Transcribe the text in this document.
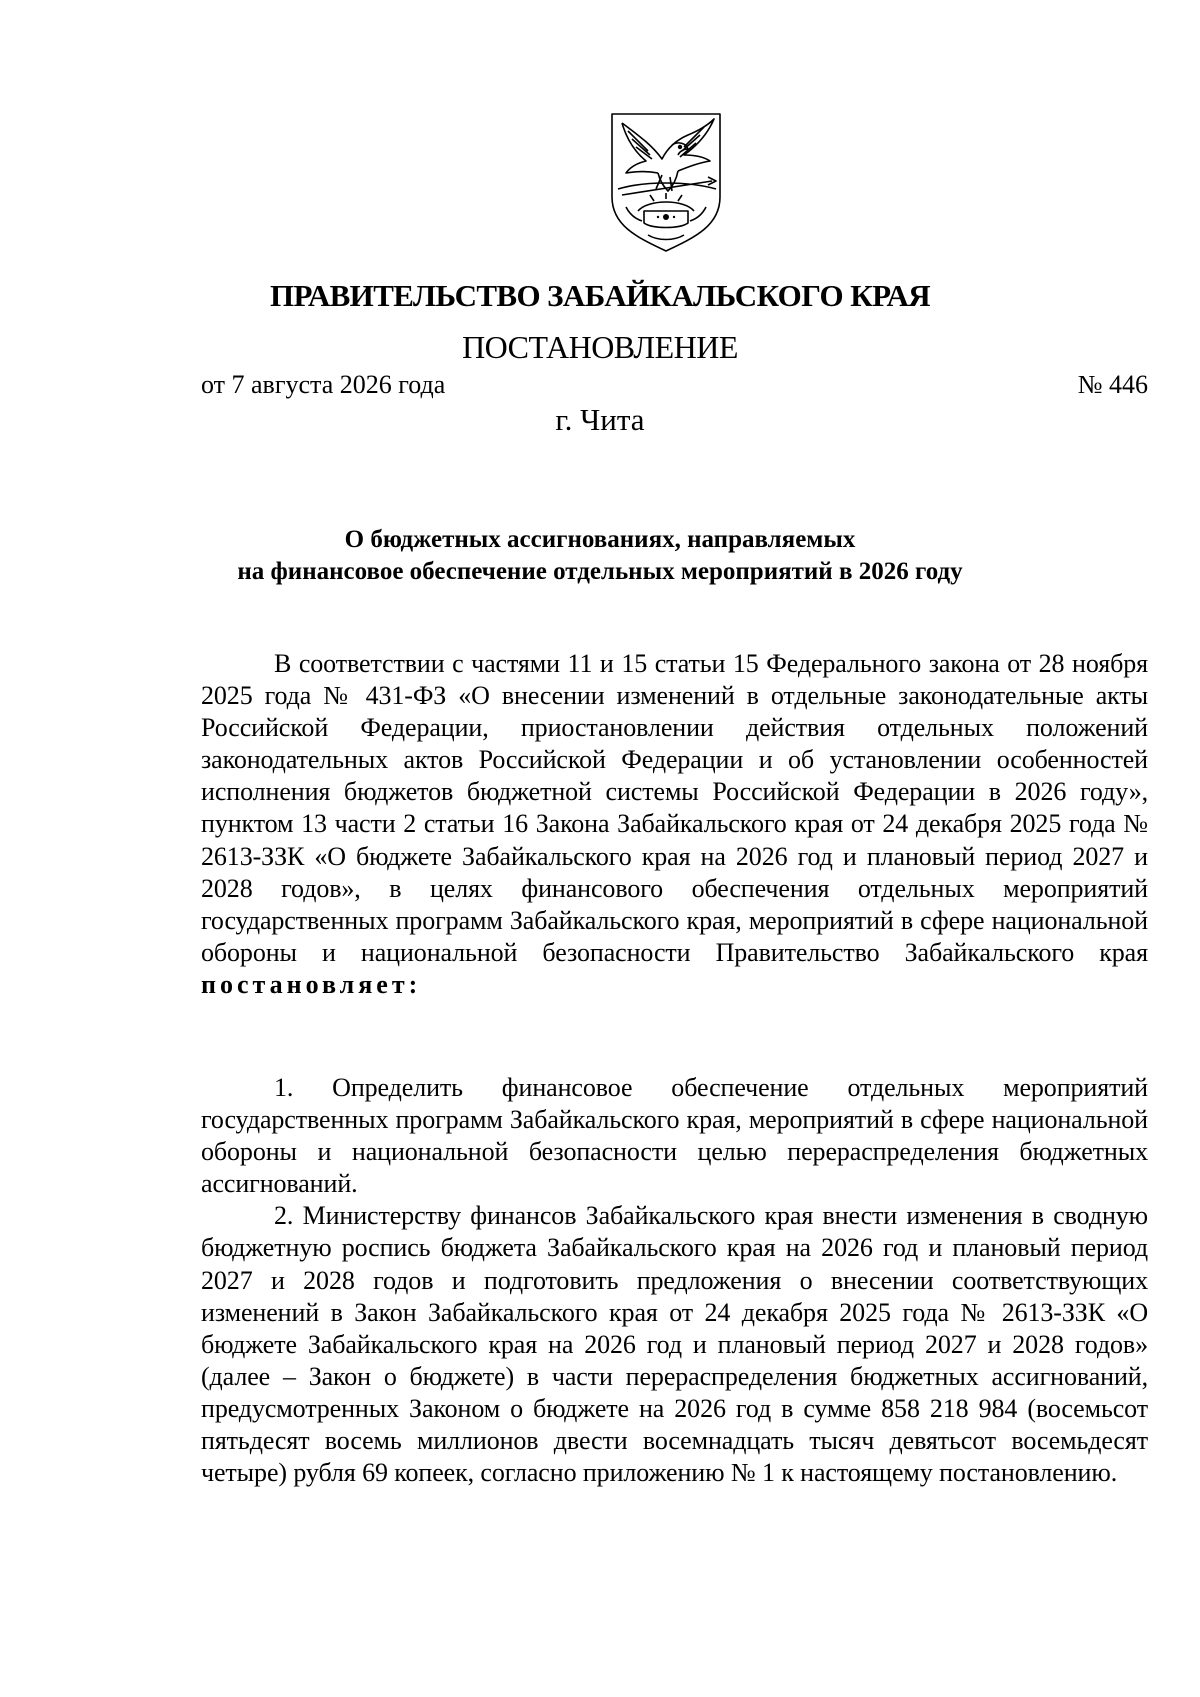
ПРАВИТЕЛЬСТВО ЗАБАЙКАЛЬСКОГО КРАЯ
ПОСТАНОВЛЕНИЕ
от 7 августа 2026 года	№ 446
г. Чита
О бюджетных ассигнованиях, направляемых
на финансовое обеспечение отдельных мероприятий в 2026 году

В соответствии с частями 11 и 15 статьи 15 Федерального закона от 28 ноября 2025 года № 431-ФЗ «О внесении изменений в отдельные законодательные акты Российской Федерации, приостановлении действия отдельных положений законодательных актов Российской Федерации и об установлении особенностей исполнения бюджетов бюджетной системы Российской Федерации в 2026 году», пунктом 13 части 2 статьи 16 Закона Забайкальского края от 24 декабря 2025 года № 2613-ЗЗК «О бюджете Забайкальского края на 2026 год и плановый период 2027 и 2028 годов», в целях финансового обеспечения отдельных мероприятий государственных программ Забайкальского края, мероприятий в сфере национальной обороны и национальной безопасности Правительство Забайкальского края постановляет:

1. Определить финансовое обеспечение отдельных мероприятий государственных программ Забайкальского края, мероприятий в сфере национальной обороны и национальной безопасности целью перераспределения бюджетных ассигнований.

2. Министерству финансов Забайкальского края внести изменения в сводную бюджетную роспись бюджета Забайкальского края на 2026 год и плановый период 2027 и 2028 годов и подготовить предложения о внесении соответствующих изменений в Закон Забайкальского края от 24 декабря 2025 года № 2613-ЗЗК «О бюджете Забайкальского края на 2026 год и плановый период 2027 и 2028 годов» (далее – Закон о бюджете) в части перераспределения бюджетных ассигнований, предусмотренных Законом о бюджете на 2026 год в сумме 858 218 984 (восемьсот пятьдесят восемь миллионов двести восемнадцать тысяч девятьсот восемьдесят четыре) рубля 69 копеек, согласно приложению № 1 к настоящему постановлению.
